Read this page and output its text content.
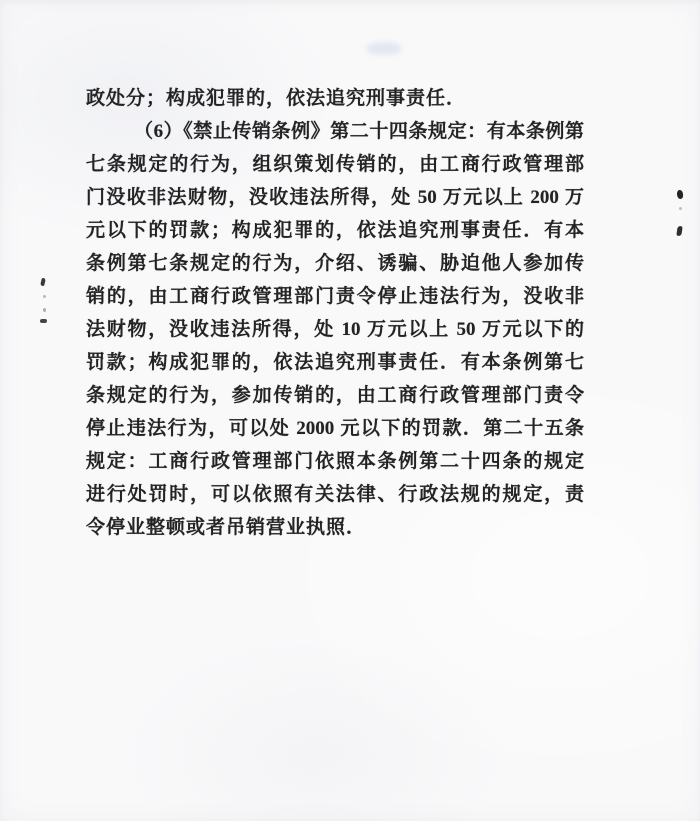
政处分；构成犯罪的，依法追究刑事责任．
（6）《禁止传销条例》第二十四条规定：有本条例第
七条规定的行为，组织策划传销的，由工商行政管理部
门没收非法财物，没收违法所得，处 50 万元以上 200 万
元以下的罚款；构成犯罪的，依法追究刑事责任．有本
条例第七条规定的行为，介绍、诱骗、胁迫他人参加传
销的，由工商行政管理部门责令停止违法行为，没收非
法财物，没收违法所得，处 10 万元以上 50 万元以下的
罚款；构成犯罪的，依法追究刑事责任．有本条例第七
条规定的行为，参加传销的，由工商行政管理部门责令
停止违法行为，可以处 2000 元以下的罚款．第二十五条
规定：工商行政管理部门依照本条例第二十四条的规定
进行处罚时，可以依照有关法律、行政法规的规定，责
令停业整顿或者吊销营业执照．
